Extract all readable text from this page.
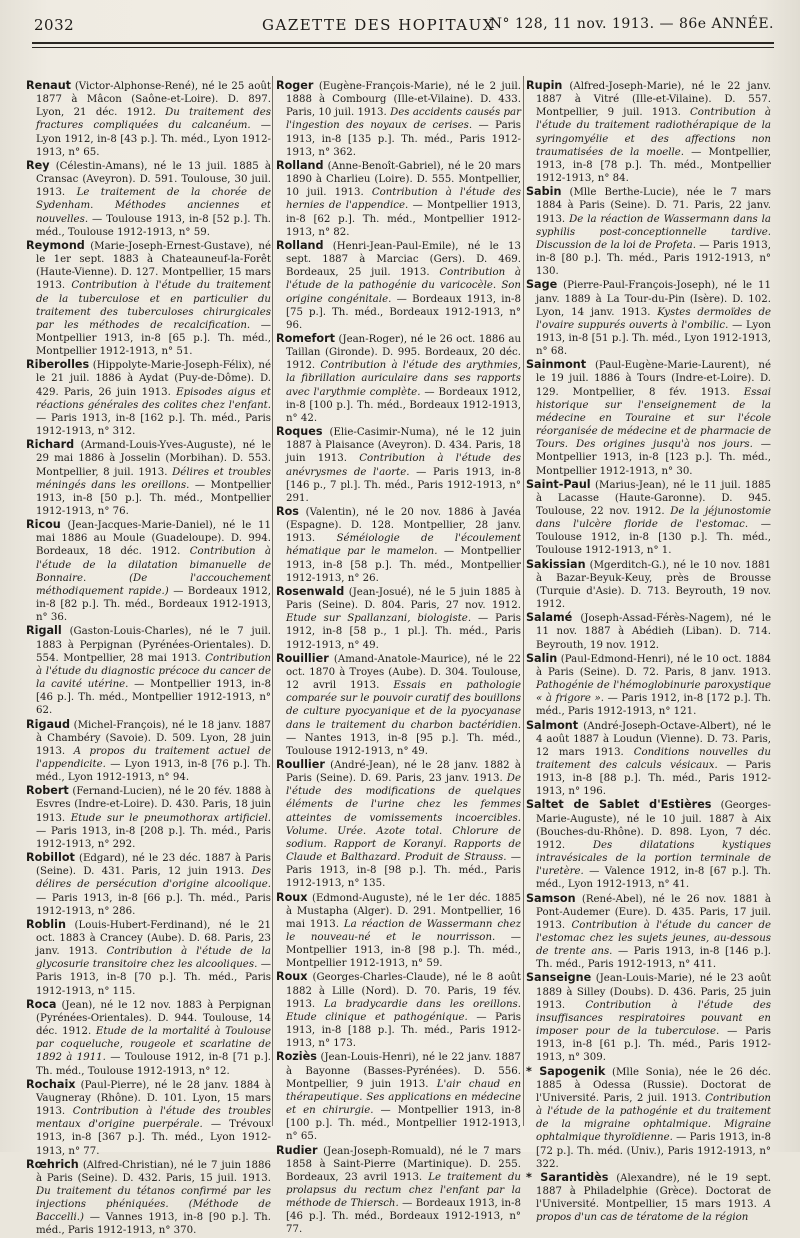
2032	GAZETTE DES HOPITAUX
N° 128, 11 nov. 1913. — 86e ANNÉE.

Renaut (Victor-Alphonse-René), né le 25 août 1877 à Mâcon (Saône-et-Loire). D. 897. Lyon, 21 déc. 1912. Du traitement des fractures compliquées du calcanéum. — Lyon 1912, in-8 [43 p.]. Th. méd., Lyon 1912-1913, n° 65.

Rey (Célestin-Amans), né le 13 juil. 1885 à Cransac (Aveyron). D. 591. Toulouse, 30 juil. 1913. Le traitement de la chorée de Sydenham. Méthodes anciennes et nouvelles. — Toulouse 1913, in-8 [52 p.]. Th. méd., Toulouse 1912-1913, n° 59.

Reymond (Marie-Joseph-Ernest-Gustave), né le 1er sept. 1883 à Chateauneuf-la-Forêt (Haute-Vienne). D. 127. Montpellier, 15 mars 1913. Contribution à l'étude du traitement de la tuberculose et en particulier du traitement des tuberculoses chirurgicales par les méthodes de recalcification. — Montpellier 1913, in-8 [65 p.]. Th. méd., Montpellier 1912-1913, n° 51.

Riberolles (Hippolyte-Marie-Joseph-Félix), né le 21 juil. 1886 à Aydat (Puy-de-Dôme). D. 429. Paris, 26 juin 1913. Episodes aigus et réactions générales des colites chez l'enfant. — Paris 1913, in-8 [162 p.]. Th. méd., Paris 1912-1913, n° 312.

Richard (Armand-Louis-Yves-Auguste), né le 29 mai 1886 à Josselin (Morbihan). D. 553. Montpellier, 8 juil. 1913. Délires et troubles méningés dans les oreillons. — Montpellier 1913, in-8 [50 p.]. Th. méd., Montpellier 1912-1913, n° 76.

Ricou (Jean-Jacques-Marie-Daniel), né le 11 mai 1886 au Moule (Guadeloupe). D. 994. Bordeaux, 18 déc. 1912. Contribution à l'étude de la dilatation bimanuelle de Bonnaire. (De l'accouchement méthodiquement rapide.) — Bordeaux 1912, in-8 [82 p.]. Th. méd., Bordeaux 1912-1913, n° 36.

Rigall (Gaston-Louis-Charles), né le 7 juil. 1883 à Perpignan (Pyrénées-Orientales). D. 554. Montpellier, 28 mai 1913. Contribution à l'étude du diagnostic précoce du cancer de la cavité utérine. — Montpellier 1913, in-8 [46 p.]. Th. méd., Montpellier 1912-1913, n° 62.

Rigaud (Michel-François), né le 18 janv. 1887 à Chambéry (Savoie). D. 509. Lyon, 28 juin 1913. A propos du traitement actuel de l'appendicite. — Lyon 1913, in-8 [76 p.]. Th. méd., Lyon 1912-1913, n° 94.

Robert (Fernand-Lucien), né le 20 fév. 1888 à Esvres (Indre-et-Loire). D. 430. Paris, 18 juin 1913. Etude sur le pneumothorax artificiel. — Paris 1913, in-8 [208 p.]. Th. méd., Paris 1912-1913, n° 292.

Robillot (Edgard), né le 23 déc. 1887 à Paris (Seine). D. 431. Paris, 12 juin 1913. Des délires de persécution d'origine alcoolique. — Paris 1913, in-8 [66 p.]. Th. méd., Paris 1912-1913, n° 286.

Roblin (Louis-Hubert-Ferdinand), né le 21 oct. 1883 à Crancey (Aube). D. 68. Paris, 23 janv. 1913. Contribution à l'étude de la glycosurie transitoire chez les alcooliques. — Paris 1913, in-8 [70 p.]. Th. méd., Paris 1912-1913, n° 115.

Roca (Jean), né le 12 nov. 1883 à Perpignan (Pyrénées-Orientales). D. 944. Toulouse, 14 déc. 1912. Etude de la mortalité à Toulouse par coqueluche, rougeole et scarlatine de 1892 à 1911. — Toulouse 1912, in-8 [71 p.]. Th. méd., Toulouse 1912-1913, n° 12.

Rochaix (Paul-Pierre), né le 28 janv. 1884 à Vaugneray (Rhône). D. 101. Lyon, 15 mars 1913. Contribution à l'étude des troubles mentaux d'origine puerpérale. — Trévoux 1913, in-8 [367 p.]. Th. méd., Lyon 1912-1913, n° 77.

Rœhrich (Alfred-Christian), né le 7 juin 1886 à Paris (Seine). D. 432. Paris, 15 juil. 1913. Du traitement du tétanos confirmé par les injections phéniquées. (Méthode de Baccelli.) — Vannes 1913, in-8 [90 p.]. Th. méd., Paris 1912-1913, n° 370.

Roger (Eugène-François-Marie), né le 2 juil. 1888 à Combourg (Ille-et-Vilaine). D. 433. Paris, 10 juil. 1913. Des accidents causés par l'ingestion des noyaux de cerises. — Paris 1913, in-8 [135 p.]. Th. méd., Paris 1912-1913, n° 362.

Rolland (Anne-Benoît-Gabriel), né le 20 mars 1890 à Charlieu (Loire). D. 555. Montpellier, 10 juil. 1913. Contribution à l'étude des hernies de l'appendice. — Montpellier 1913, in-8 [62 p.]. Th. méd., Montpellier 1912-1913, n° 82.

Rolland (Henri-Jean-Paul-Emile), né le 13 sept. 1887 à Marciac (Gers). D. 469. Bordeaux, 25 juil. 1913. Contribution à l'étude de la pathogénie du varicocèle. Son origine congénitale. — Bordeaux 1913, in-8 [75 p.]. Th. méd., Bordeaux 1912-1913, n° 96.

Romefort (Jean-Roger), né le 26 oct. 1886 au Taillan (Gironde). D. 995. Bordeaux, 20 déc. 1912. Contribution à l'étude des arythmies, la fibrillation auriculaire dans ses rapports avec l'arythmie complète. — Bordeaux 1912, in-8 [100 p.]. Th. méd., Bordeaux 1912-1913, n° 42.

Roques (Elie-Casimir-Numa), né le 12 juin 1887 à Plaisance (Aveyron). D. 434. Paris, 18 juin 1913. Contribution à l'étude des anévrysmes de l'aorte. — Paris 1913, in-8 [146 p., 7 pl.]. Th. méd., Paris 1912-1913, n° 291.

Ros (Valentin), né le 20 nov. 1886 à Javéa (Espagne). D. 128. Montpellier, 28 janv. 1913. Séméiologie de l'écoulement hématique par le mamelon. — Montpellier 1913, in-8 [58 p.]. Th. méd., Montpellier 1912-1913, n° 26.

Rosenwald (Jean-Josué), né le 5 juin 1885 à Paris (Seine). D. 804. Paris, 27 nov. 1912. Etude sur Spallanzani, biologiste. — Paris 1912, in-8 [58 p., 1 pl.]. Th. méd., Paris 1912-1913, n° 49.

Rouillier (Amand-Anatole-Maurice), né le 22 oct. 1870 à Troyes (Aube). D. 304. Toulouse, 12 avril 1913. Essais en pathologie comparée sur le pouvoir curatif des bouillons de culture pyocyanique et de la pyocyanase dans le traitement du charbon bactéridien. — Nantes 1913, in-8 [95 p.]. Th. méd., Toulouse 1912-1913, n° 49.

Roullier (André-Jean), né le 28 janv. 1882 à Paris (Seine). D. 69. Paris, 23 janv. 1913. De l'étude des modifications de quelques éléments de l'urine chez les femmes atteintes de vomissements incoercibles. Volume. Urée. Azote total. Chlorure de sodium. Rapport de Koranyi. Rapports de Claude et Balthazard. Produit de Strauss. — Paris 1913, in-8 [98 p.]. Th. méd., Paris 1912-1913, n° 135.

Roux (Edmond-Auguste), né le 1er déc. 1885 à Mustapha (Alger). D. 291. Montpellier, 16 mai 1913. La réaction de Wassermann chez le nouveau-né et le nourrisson. — Montpellier 1913, in-8 [98 p.]. Th. méd., Montpellier 1912-1913, n° 59.

Roux (Georges-Charles-Claude), né le 8 août 1882 à Lille (Nord). D. 70. Paris, 19 fév. 1913. La bradycardie dans les oreillons. Etude clinique et pathogénique. — Paris 1913, in-8 [188 p.]. Th. méd., Paris 1912-1913, n° 173.

Roziès (Jean-Louis-Henri), né le 22 janv. 1887 à Bayonne (Basses-Pyrénées). D. 556. Montpellier, 9 juin 1913. L'air chaud en thérapeutique. Ses applications en médecine et en chirurgie. — Montpellier 1913, in-8 [100 p.]. Th. méd., Montpellier 1912-1913, n° 65.

Rudier (Jean-Joseph-Romuald), né le 7 mars 1858 à Saint-Pierre (Martinique). D. 255. Bordeaux, 23 avril 1913. Le traitement du prolapsus du rectum chez l'enfant par la méthode de Thiersch. — Bordeaux 1913, in-8 [46 p.]. Th. méd., Bordeaux 1912-1913, n° 77.

Rupin (Alfred-Joseph-Marie), né le 22 janv. 1887 à Vitré (Ille-et-Vilaine). D. 557. Montpellier, 9 juil. 1913. Contribution à l'étude du traitement radiothérapique de la syringomyélie et des affections non traumatisées de la moelle. — Montpellier, 1913, in-8 [78 p.]. Th. méd., Montpellier 1912-1913, n° 84.

Sabin (Mlle Berthe-Lucie), née le 7 mars 1884 à Paris (Seine). D. 71. Paris, 22 janv. 1913. De la réaction de Wassermann dans la syphilis post-conceptionnelle tardive. Discussion de la loi de Profeta. — Paris 1913, in-8 [80 p.]. Th. méd., Paris 1912-1913, n° 130.

Sage (Pierre-Paul-François-Joseph), né le 11 janv. 1889 à La Tour-du-Pin (Isère). D. 102. Lyon, 14 janv. 1913. Kystes dermoïdes de l'ovaire suppurés ouverts à l'ombilic. — Lyon 1913, in-8 [51 p.]. Th. méd., Lyon 1912-1913, n° 68.

Sainmont (Paul-Eugène-Marie-Laurent), né le 19 juil. 1886 à Tours (Indre-et-Loire). D. 129. Montpellier, 8 fév. 1913. Essai historique sur l'enseignement de la médecine en Touraine et sur l'école réorganisée de médecine et de pharmacie de Tours. Des origines jusqu'à nos jours. — Montpellier 1913, in-8 [123 p.]. Th. méd., Montpellier 1912-1913, n° 30.

Saint-Paul (Marius-Jean), né le 11 juil. 1885 à Lacasse (Haute-Garonne). D. 945. Toulouse, 22 nov. 1912. De la jéjunostomie dans l'ulcère floride de l'estomac. — Toulouse 1912, in-8 [130 p.]. Th. méd., Toulouse 1912-1913, n° 1.

Sakissian (Mgerditch-G.), né le 10 nov. 1881 à Bazar-Beyuk-Keuy, près de Brousse (Turquie d'Asie). D. 713. Beyrouth, 19 nov. 1912.

Salamé (Joseph-Assad-Férès-Nagem), né le 11 nov. 1887 à Abédieh (Liban). D. 714. Beyrouth, 19 nov. 1912.

Salin (Paul-Edmond-Henri), né le 10 oct. 1884 à Paris (Seine). D. 72. Paris, 8 janv. 1913. Pathogénie de l'hémoglobinurie paroxystique « à frigore ». — Paris 1912, in-8 [172 p.]. Th. méd., Paris 1912-1913, n° 121.

Salmont (André-Joseph-Octave-Albert), né le 4 août 1887 à Loudun (Vienne). D. 73. Paris, 12 mars 1913. Conditions nouvelles du traitement des calculs vésicaux. — Paris 1913, in-8 [88 p.]. Th. méd., Paris 1912-1913, n° 196.

Saltet de Sablet d'Estières (Georges-Marie-Auguste), né le 10 juil. 1887 à Aix (Bouches-du-Rhône). D. 898. Lyon, 7 déc. 1912. Des dilatations kystiques intravésicales de la portion terminale de l'uretère. — Valence 1912, in-8 [67 p.]. Th. méd., Lyon 1912-1913, n° 41.

Samson (René-Abel), né le 26 nov. 1881 à Pont-Audemer (Eure). D. 435. Paris, 17 juil. 1913. Contribution à l'étude du cancer de l'estomac chez les sujets jeunes, au-dessous de trente ans. — Paris 1913, in-8 [146 p.]. Th. méd., Paris 1912-1913, n° 411.

Sanseigne (Jean-Louis-Marie), né le 23 août 1889 à Silley (Doubs). D. 436. Paris, 25 juin 1913. Contribution à l'étude des insuffisances respiratoires pouvant en imposer pour de la tuberculose. — Paris 1913, in-8 [61 p.]. Th. méd., Paris 1912-1913, n° 309.

* Sapogenik (Mlle Sonia), née le 26 déc. 1885 à Odessa (Russie). Doctorat de l'Université. Paris, 2 juil. 1913. Contribution à l'étude de la pathogénie et du traitement de la migraine ophtalmique. Migraine ophtalmique thyroïdienne. — Paris 1913, in-8 [72 p.]. Th. méd. (Univ.), Paris 1912-1913, n° 322.

* Sarantidès (Alexandre), né le 19 sept. 1887 à Philadelphie (Grèce). Doctorat de l'Université. Montpellier, 15 mars 1913. A propos d'un cas de tératome de la région
